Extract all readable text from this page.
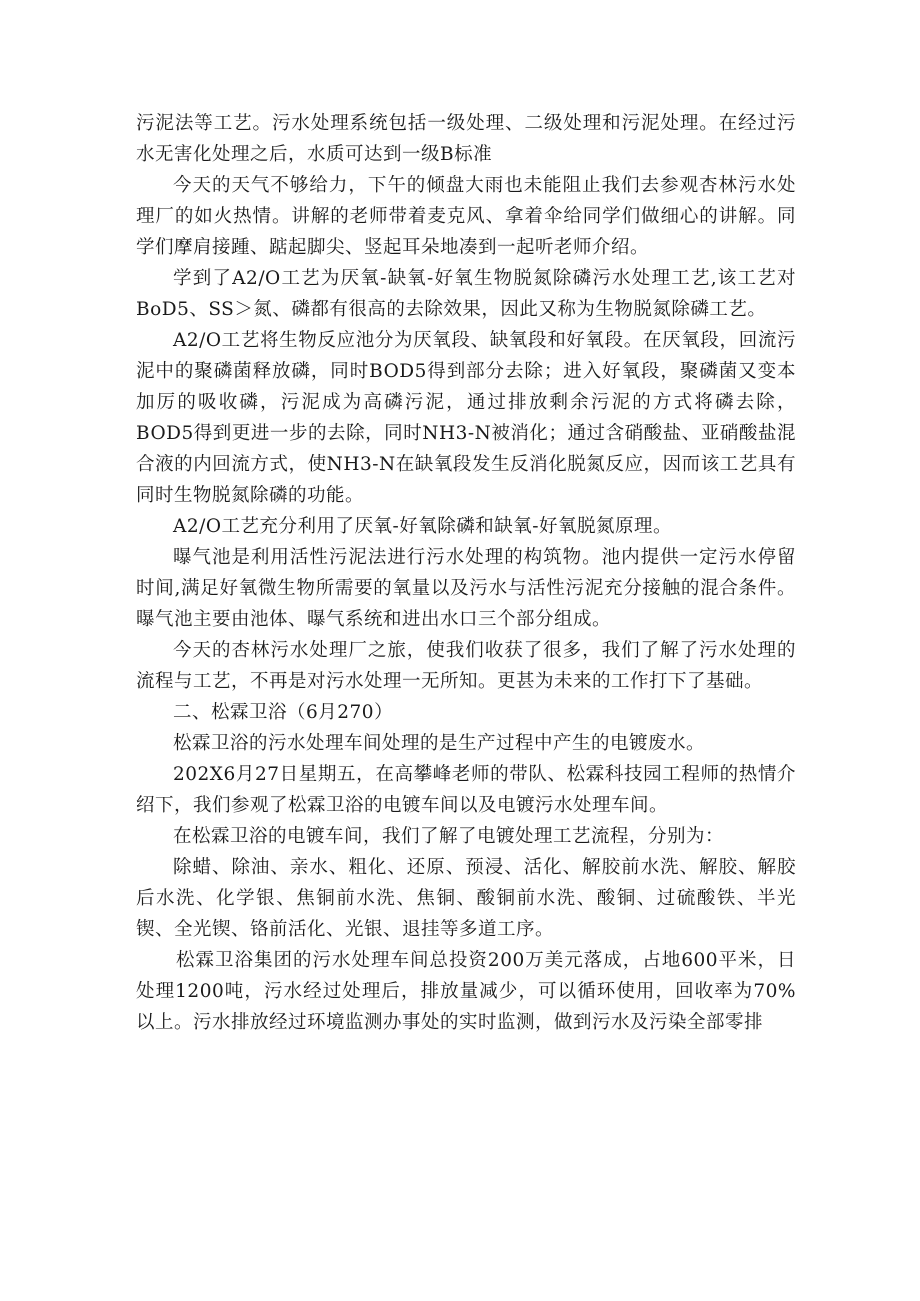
污泥法等工艺。污水处理系统包括一级处理、二级处理和污泥处理。在经过污水无害化处理之后，水质可达到一级B标准

今天的天气不够给力，下午的倾盘大雨也未能阻止我们去参观杏林污水处理厂的如火热情。讲解的老师带着麦克风、拿着伞给同学们做细心的讲解。同学们摩肩接踵、踮起脚尖、竖起耳朵地凑到一起听老师介绍。

学到了A2/O工艺为厌氧-缺氧-好氧生物脱氮除磷污水处理工艺,该工艺对BoD5、SS＞氮、磷都有很高的去除效果，因此又称为生物脱氮除磷工艺。

A2/O工艺将生物反应池分为厌氧段、缺氧段和好氧段。在厌氧段，回流污泥中的聚磷菌释放磷，同时BOD5得到部分去除；进入好氧段，聚磷菌又变本加厉的吸收磷，污泥成为高磷污泥，通过排放剩余污泥的方式将磷去除，BOD5得到更进一步的去除，同时NH3-N被消化；通过含硝酸盐、亚硝酸盐混合液的内回流方式，使NH3-N在缺氧段发生反消化脱氮反应，因而该工艺具有同时生物脱氮除磷的功能。

A2/O工艺充分利用了厌氧-好氧除磷和缺氧-好氧脱氮原理。

曝气池是利用活性污泥法进行污水处理的构筑物。池内提供一定污水停留时间,满足好氧微生物所需要的氧量以及污水与活性污泥充分接触的混合条件。曝气池主要由池体、曝气系统和进出水口三个部分组成。

今天的杏林污水处理厂之旅，使我们收获了很多，我们了解了污水处理的流程与工艺，不再是对污水处理一无所知。更甚为未来的工作打下了基础。

二、松霖卫浴（6月270）

松霖卫浴的污水处理车间处理的是生产过程中产生的电镀废水。

202X6月27日星期五，在高攀峰老师的带队、松霖科技园工程师的热情介绍下，我们参观了松霖卫浴的电镀车间以及电镀污水处理车间。

在松霖卫浴的电镀车间，我们了解了电镀处理工艺流程，分别为：

除蜡、除油、亲水、粗化、还原、预浸、活化、解胶前水洗、解胶、解胶后水洗、化学银、焦铜前水洗、焦铜、酸铜前水洗、酸铜、过硫酸铁、半光锲、全光锲、铬前活化、光银、退挂等多道工序。

松霖卫浴集团的污水处理车间总投资200万美元落成，占地600平米，日处理1200吨，污水经过处理后，排放量减少，可以循环使用，回收率为70%以上。污水排放经过环境监测办事处的实时监测，做到污水及污染全部零排
